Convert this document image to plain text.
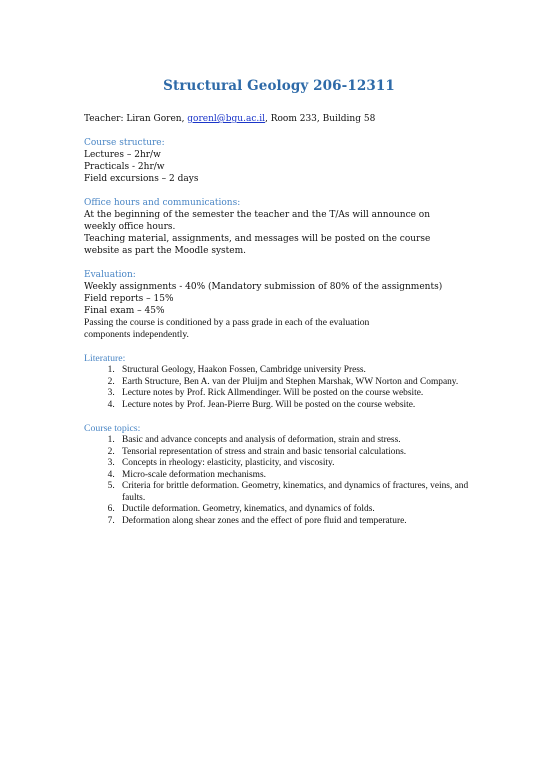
Structural Geology 206-12311
Teacher: Liran Goren, gorenl@bgu.ac.il, Room 233, Building 58
Course structure:
Lectures – 2hr/w
Practicals - 2hr/w
Field excursions – 2 days
Office hours and communications:
At the beginning of the semester the teacher and the T/As will announce on
weekly office hours.
Teaching material, assignments, and messages will be posted on the course
website as part the Moodle system.
Evaluation:
Weekly assignments - 40% (Mandatory submission of 80% of the assignments)
Field reports – 15%
Final exam – 45%
Passing the course is conditioned by a pass grade in each of the evaluation
components independently.
Literature:
1. Structural Geology, Haakon Fossen, Cambridge university Press.
2. Earth Structure, Ben A. van der Pluijm and Stephen Marshak, WW Norton and Company.
3. Lecture notes by Prof. Rick Allmendinger. Will be posted on the course website.
4. Lecture notes by Prof. Jean-Pierre Burg. Will be posted on the course website.
Course topics:
1. Basic and advance concepts and analysis of deformation, strain and stress.
2. Tensorial representation of stress and strain and basic tensorial calculations.
3. Concepts in rheology: elasticity, plasticity, and viscosity.
4. Micro-scale deformation mechanisms.
5. Criteria for brittle deformation. Geometry, kinematics, and dynamics of fractures, veins, and faults.
6. Ductile deformation. Geometry, kinematics, and dynamics of folds.
7. Deformation along shear zones and the effect of pore fluid and temperature.
